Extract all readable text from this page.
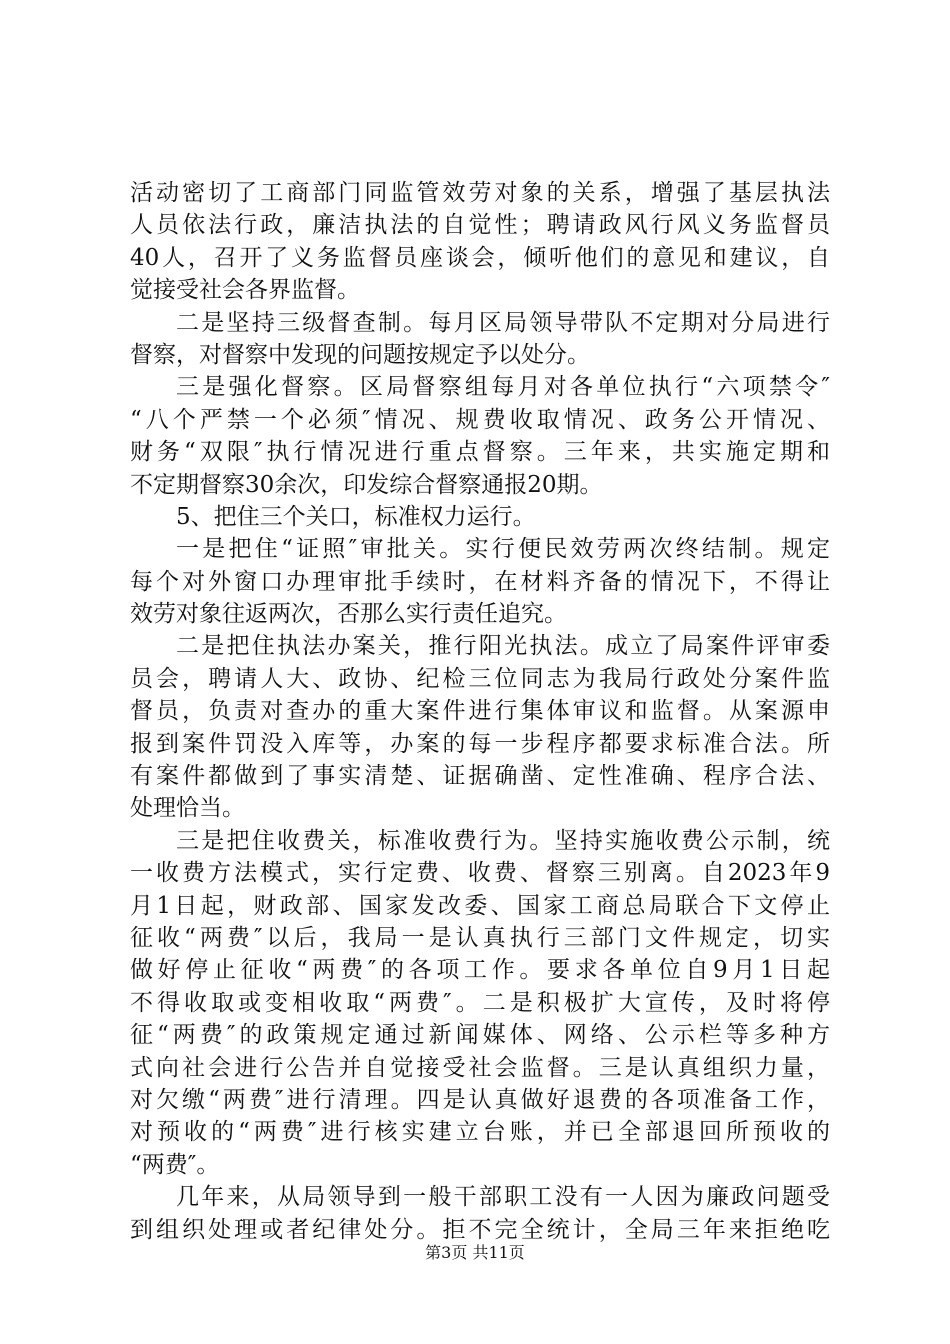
活动密切了工商部门同监管效劳对象的关系，增强了基层执法
人员依法行政，廉洁执法的自觉性；聘请政风行风义务监督员
40人，召开了义务监督员座谈会，倾听他们的意见和建议，自
觉接受社会各界监督。
二是坚持三级督查制。每月区局领导带队不定期对分局进行
督察，对督察中发现的问题按规定予以处分。
三是强化督察。区局督察组每月对各单位执行“六项禁令″
“八个严禁一个必须″情况、规费收取情况、政务公开情况、
财务“双限″执行情况进行重点督察。三年来，共实施定期和
不定期督察30余次，印发综合督察通报20期。
5、把住三个关口，标准权力运行。
一是把住“证照″审批关。实行便民效劳两次终结制。规定
每个对外窗口办理审批手续时，在材料齐备的情况下，不得让
效劳对象往返两次，否那么实行责任追究。
二是把住执法办案关，推行阳光执法。成立了局案件评审委
员会，聘请人大、政协、纪检三位同志为我局行政处分案件监
督员，负责对查办的重大案件进行集体审议和监督。从案源申
报到案件罚没入库等，办案的每一步程序都要求标准合法。所
有案件都做到了事实清楚、证据确凿、定性准确、程序合法、
处理恰当。
三是把住收费关，标准收费行为。坚持实施收费公示制，统
一收费方法模式，实行定费、收费、督察三别离。自2023年9
月1日起，财政部、国家发改委、国家工商总局联合下文停止
征收“两费″以后，我局一是认真执行三部门文件规定，切实
做好停止征收“两费″的各项工作。要求各单位自9月1日起
不得收取或变相收取“两费″。二是积极扩大宣传，及时将停
征“两费″的政策规定通过新闻媒体、网络、公示栏等多种方
式向社会进行公告并自觉接受社会监督。三是认真组织力量，
对欠缴“两费″进行清理。四是认真做好退费的各项准备工作，
对预收的“两费″进行核实建立台账，并已全部退回所预收的
“两费″。
几年来，从局领导到一般干部职工没有一人因为廉政问题受
到组织处理或者纪律处分。拒不完全统计，全局三年来拒绝吃
第3页 共11页
